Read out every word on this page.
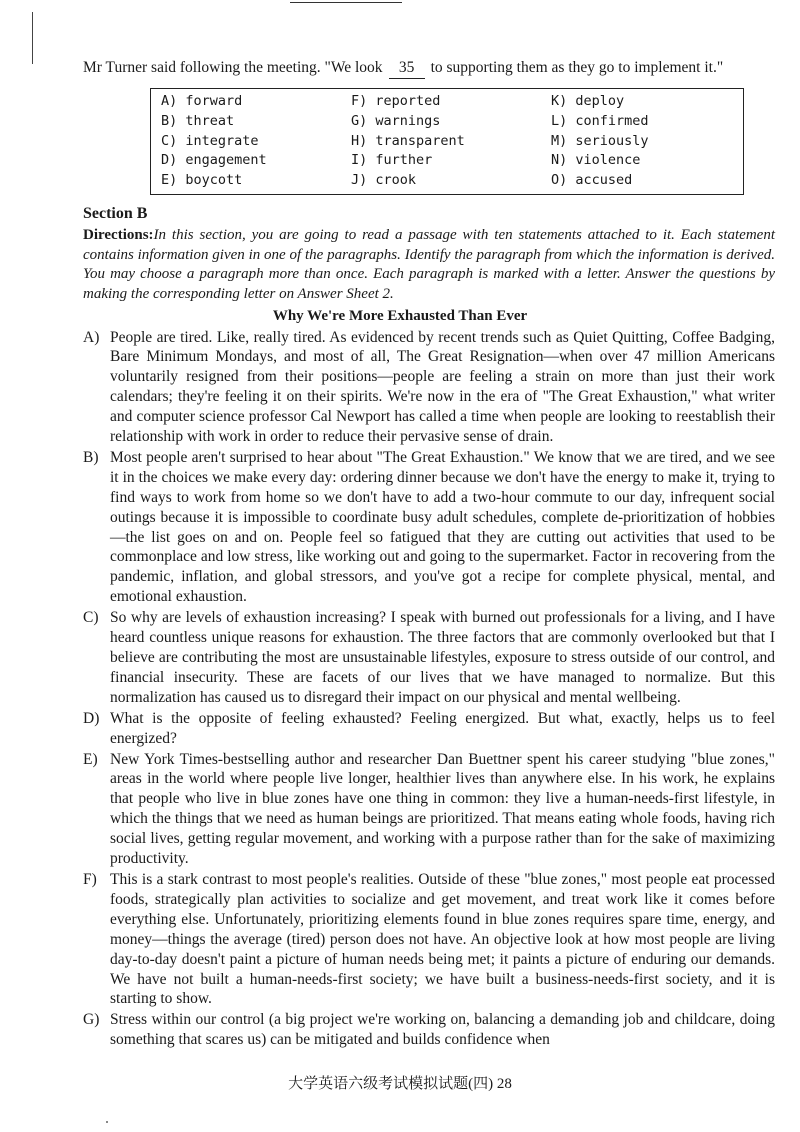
Mr Turner said following the meeting. "We look 35 to supporting them as they go to implement it."
A) forward
B) threat
C) integrate
D) engagement
E) boycott
F) reported
G) warnings
H) transparent
I) further
J) crook
K) deploy
L) confirmed
M) seriously
N) violence
O) accused
Section B
Directions:In this section, you are going to read a passage with ten statements attached to it. Each statement contains information given in one of the paragraphs. Identify the paragraph from which the information is derived. You may choose a paragraph more than once. Each paragraph is marked with a letter. Answer the questions by making the corresponding letter on Answer Sheet 2.
Why We're More Exhausted Than Ever
A) People are tired. Like, really tired. As evidenced by recent trends such as Quiet Quitting, Coffee Badging, Bare Minimum Mondays, and most of all, The Great Resignation—when over 47 million Americans voluntarily resigned from their positions—people are feeling a strain on more than just their work calendars; they're feeling it on their spirits. We're now in the era of "The Great Exhaustion," what writer and computer science professor Cal Newport has called a time when people are looking to reestablish their relationship with work in order to reduce their pervasive sense of drain.
B) Most people aren't surprised to hear about "The Great Exhaustion." We know that we are tired, and we see it in the choices we make every day: ordering dinner because we don't have the energy to make it, trying to find ways to work from home so we don't have to add a two-hour commute to our day, infrequent social outings because it is impossible to coordinate busy adult schedules, complete de-prioritization of hobbies—the list goes on and on. People feel so fatigued that they are cutting out activities that used to be commonplace and low stress, like working out and going to the supermarket. Factor in recovering from the pandemic, inflation, and global stressors, and you've got a recipe for complete physical, mental, and emotional exhaustion.
C) So why are levels of exhaustion increasing? I speak with burned out professionals for a living, and I have heard countless unique reasons for exhaustion. The three factors that are commonly overlooked but that I believe are contributing the most are unsustainable lifestyles, exposure to stress outside of our control, and financial insecurity. These are facets of our lives that we have managed to normalize. But this normalization has caused us to disregard their impact on our physical and mental wellbeing.
D) What is the opposite of feeling exhausted? Feeling energized. But what, exactly, helps us to feel energized?
E) New York Times-bestselling author and researcher Dan Buettner spent his career studying "blue zones," areas in the world where people live longer, healthier lives than anywhere else. In his work, he explains that people who live in blue zones have one thing in common: they live a human-needs-first lifestyle, in which the things that we need as human beings are prioritized. That means eating whole foods, having rich social lives, getting regular movement, and working with a purpose rather than for the sake of maximizing productivity.
F) This is a stark contrast to most people's realities. Outside of these "blue zones," most people eat processed foods, strategically plan activities to socialize and get movement, and treat work like it comes before everything else. Unfortunately, prioritizing elements found in blue zones requires spare time, energy, and money—things the average (tired) person does not have. An objective look at how most people are living day-to-day doesn't paint a picture of human needs being met; it paints a picture of enduring our demands. We have not built a human-needs-first society; we have built a business-needs-first society, and it is starting to show.
G) Stress within our control (a big project we're working on, balancing a demanding job and childcare, doing something that scares us) can be mitigated and builds confidence when
大学英语六级考试模拟试题(四) 28
